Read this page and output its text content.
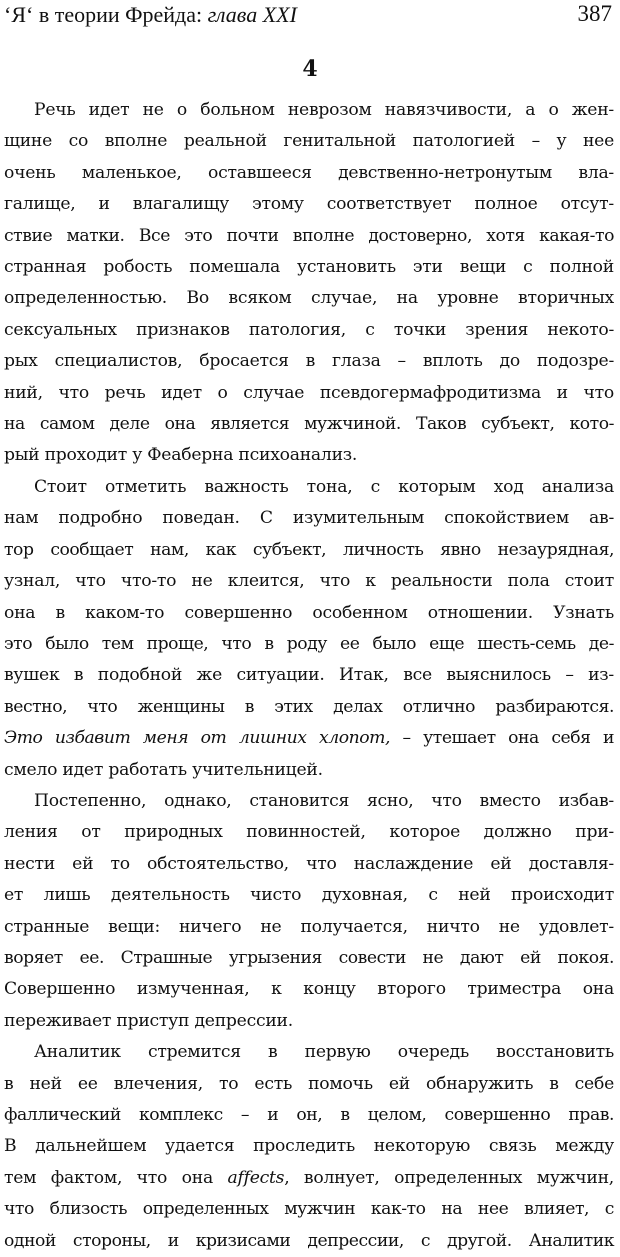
‘Я‘ в теории Фрейда: глава XXI	387
4
Речь идет не о больном неврозом навязчивости, а о жен-
щине со вполне реальной генитальной патологией – у нее
очень маленькое, оставшееся девственно-нетронутым вла-
галище, и влагалищу этому соответствует полное отсут-
ствие матки. Все это почти вполне достоверно, хотя какая-то
странная робость помешала установить эти вещи с полной
определенностью. Во всяком случае, на уровне вторичных
сексуальных признаков патология, с точки зрения некото-
рых специалистов, бросается в глаза – вплоть до подозре-
ний, что речь идет о случае псевдогермафродитизма и что
на самом деле она является мужчиной. Таков субъект, кото-
рый проходит у Феаберна психоанализ.
Стоит отметить важность тона, с которым ход анализа
нам подробно поведан. С изумительным спокойствием ав-
тор сообщает нам, как субъект, личность явно незаурядная,
узнал, что что-то не клеится, что к реальности пола стоит
она в каком-то совершенно особенном отношении. Узнать
это было тем проще, что в роду ее было еще шесть-семь де-
вушек в подобной же ситуации. Итак, все выяснилось – из-
вестно, что женщины в этих делах отлично разбираются.
Это избавит меня от лишних хлопот, – утешает она себя и
смело идет работать учительницей.
Постепенно, однако, становится ясно, что вместо избав-
ления от природных повинностей, которое должно при-
нести ей то обстоятельство, что наслаждение ей доставля-
ет лишь деятельность чисто духовная, с ней происходит
странные вещи: ничего не получается, ничто не удовлет-
воряет ее. Страшные угрызения совести не дают ей покоя.
Совершенно измученная, к концу второго триместра она
переживает приступ депрессии.
Аналитик стремится в первую очередь восстановить
в ней ее влечения, то есть помочь ей обнаружить в себе
фаллический комплекс – и он, в целом, совершенно прав.
В дальнейшем удается проследить некоторую связь между
тем фактом, что она affects, волнует, определенных мужчин,
что близость определенных мужчин как-то на нее влияет, с
одной стороны, и кризисами депрессии, с другой. Аналитик
